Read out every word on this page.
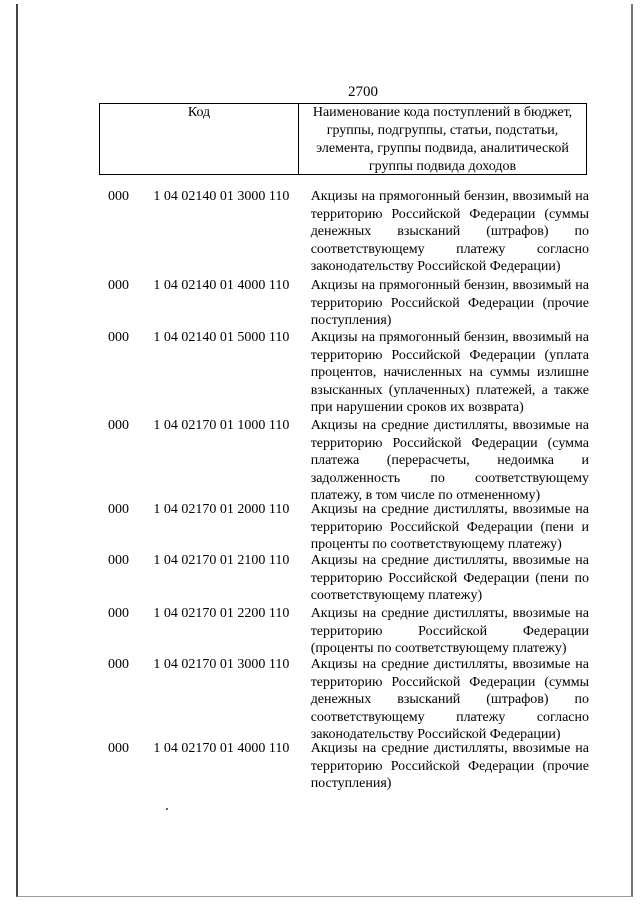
2700
Код	Наименование кода поступлений в бюджет, группы, подгруппы, статьи, подстатьи, элемента, группы подвида, аналитической группы подвида доходов
000	1 04 02140 01 3000 110	Акцизы на прямогонный бензин, ввозимый на территорию Российской Федерации (суммы денежных взысканий (штрафов) по соответствующему платежу согласно законодательству Российской Федерации)
000	1 04 02140 01 4000 110	Акцизы на прямогонный бензин, ввозимый на территорию Российской Федерации (прочие поступления)
000	1 04 02140 01 5000 110	Акцизы на прямогонный бензин, ввозимый на территорию Российской Федерации (уплата процентов, начисленных на суммы излишне взысканных (уплаченных) платежей, а также при нарушении сроков их возврата)
000	1 04 02170 01 1000 110	Акцизы на средние дистилляты, ввозимые на территорию Российской Федерации (сумма платежа (перерасчеты, недоимка и задолженность по соответствующему платежу, в том числе по отмененному)
000	1 04 02170 01 2000 110	Акцизы на средние дистилляты, ввозимые на территорию Российской Федерации (пени и проценты по соответствующему платежу)
000	1 04 02170 01 2100 110	Акцизы на средние дистилляты, ввозимые на территорию Российской Федерации (пени по соответствующему платежу)
000	1 04 02170 01 2200 110	Акцизы на средние дистилляты, ввозимые на территорию Российской Федерации (проценты по соответствующему платежу)
000	1 04 02170 01 3000 110	Акцизы на средние дистилляты, ввозимые на территорию Российской Федерации (суммы денежных взысканий (штрафов) по соответствующему платежу согласно законодательству Российской Федерации)
000	1 04 02170 01 4000 110	Акцизы на средние дистилляты, ввозимые на территорию Российской Федерации (прочие поступления)
